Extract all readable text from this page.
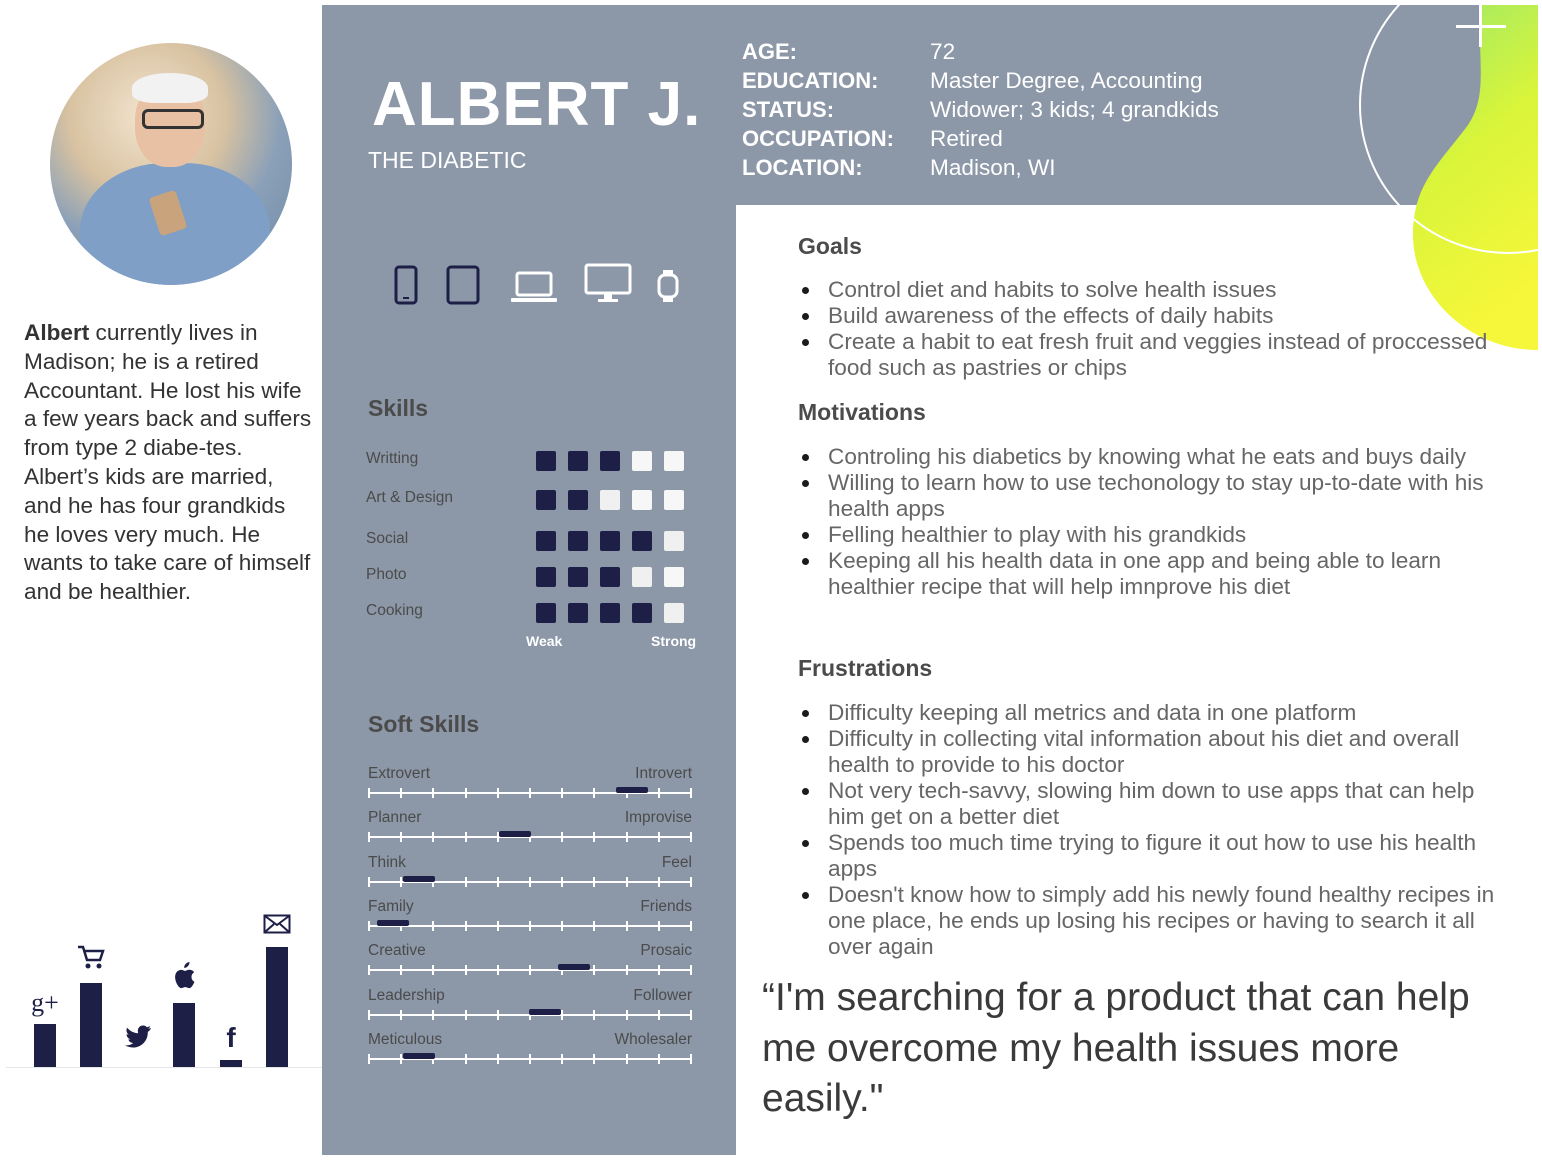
Albert currently lives in Madison; he is a retired Accountant. He lost his wife a few years back and suffers from type 2 diabe-tes. Albert’s kids are married, and he has four grandkids he loves very much. He wants to take care of himself and be healthier.
g+
f
ALBERT J.
THE DIABETIC
AGE:	72
EDUCATION: Master Degree, Accounting
STATUS:	Widower; 3 kids; 4 grandkids
OCCUPATION: Retired
LOCATION:	Madison, WI
Skills
Writting
Art & Design
Social
Photo
Cooking
Weak	Strong
Soft Skills
Extrovert	Introvert
Planner	Improvise
Think	Feel
Family	Friends
Creative	Prosaic
Leadership	Follower
Meticulous	Wholesaler
Goals
Control diet and habits to solve health issues
Build awareness of the effects of daily habits
Create a habit to eat fresh fruit and veggies instead of proccessed food such as pastries or chips
Motivations
Controling his diabetics by knowing what he eats and buys daily
Willing to learn how to use techonology to stay up-to-date with his health apps
Felling healthier to play with his grandkids
Keeping all his health data in one app and being able to learn healthier recipe that will help imnprove his diet
Frustrations
Difficulty keeping all metrics and data in one platform
Difficulty in collecting vital information about his diet and overall health to provide to his doctor
Not very tech-savvy, slowing him down to use apps that can help him get on a better diet
Spends too much time trying to figure it out how to use his health apps
Doesn't know how to simply add his newly found healthy recipes in one place, he ends up losing his recipes or having to search it all over again
“I'm searching for a product that can help me overcome my health issues more easily."
